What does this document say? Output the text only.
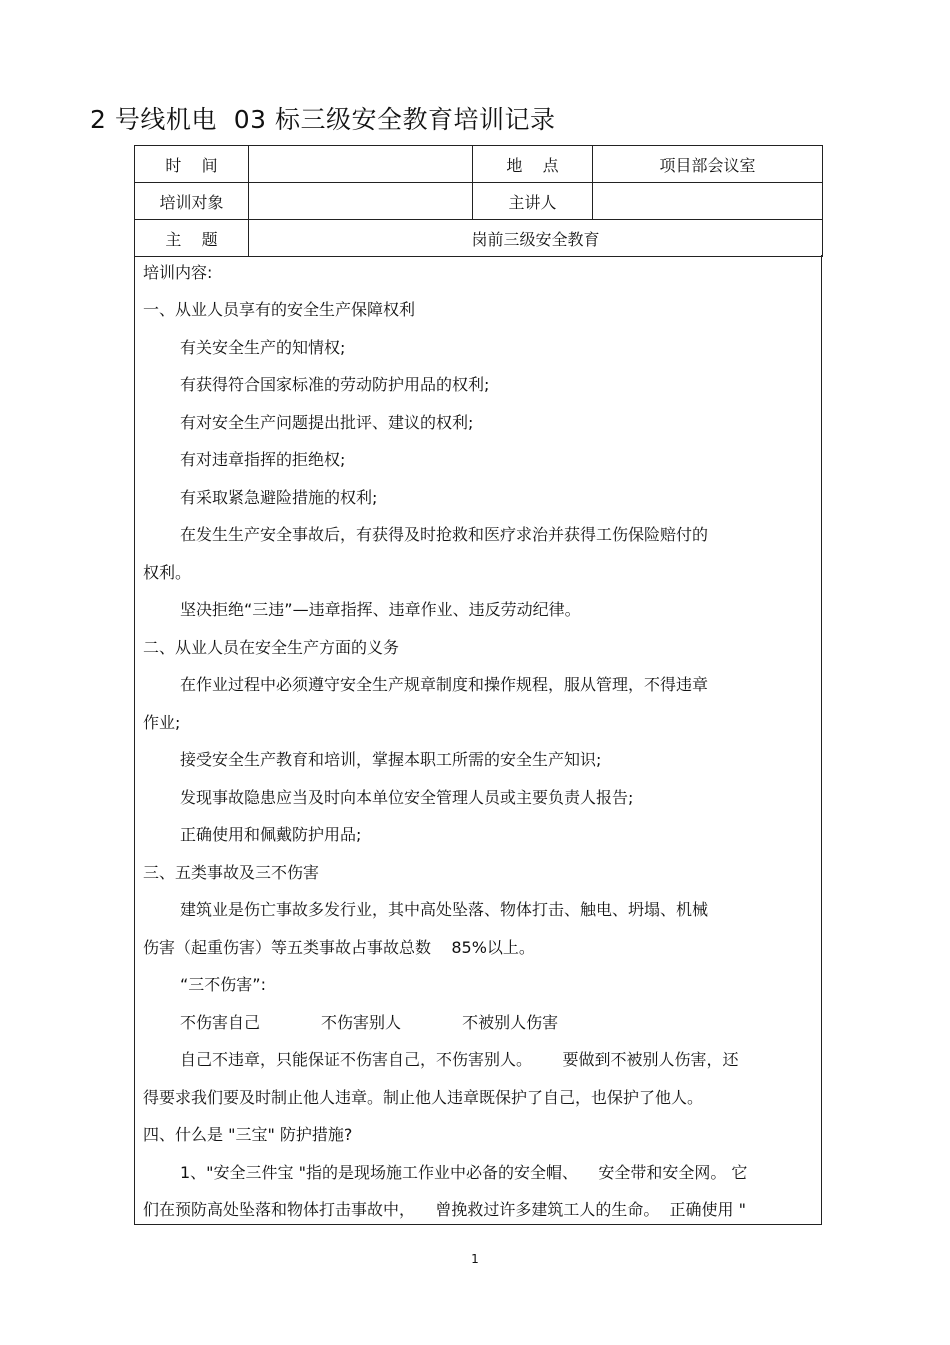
2 号线机电  03 标三级安全教育培训记录
时    间		地    点	项目部会议室
培训对象		主讲人	
主    题	岗前三级安全教育		
培训内容:
一、从业人员享有的安全生产保障权利
有关安全生产的知情权;
有获得符合国家标准的劳动防护用品的权利;
有对安全生产问题提出批评、建议的权利;
有对违章指挥的拒绝权;
有采取紧急避险措施的权利;
在发生生产安全事故后，有获得及时抢救和医疗求治并获得工伤保险赔付的
权利。
坚决拒绝“三违”—违章指挥、违章作业、违反劳动纪律。
二、从业人员在安全生产方面的义务
在作业过程中必须遵守安全生产规章制度和操作规程，服从管理，不得违章
作业;
接受安全生产教育和培训，掌握本职工所需的安全生产知识;
发现事故隐患应当及时向本单位安全管理人员或主要负责人报告;
正确使用和佩戴防护用品;
三、五类事故及三不伤害
建筑业是伤亡事故多发行业，其中高处坠落、物体打击、触电、坍塌、机械
伤害（起重伤害）等五类事故占事故总数    85%以上。
“三不伤害”:
不伤害自己            不伤害别人            不被别人伤害
自己不违章，只能保证不伤害自己，不伤害别人。      要做到不被别人伤害，还
得要求我们要及时制止他人违章。制止他人违章既保护了自己，也保护了他人。
四、什么是 "三宝" 防护措施?
1、"安全三件宝 "指的是现场施工作业中必备的安全帽、    安全带和安全网。 它
们在预防高处坠落和物体打击事故中，    曾挽救过许多建筑工人的生命。  正确使用 "
1
